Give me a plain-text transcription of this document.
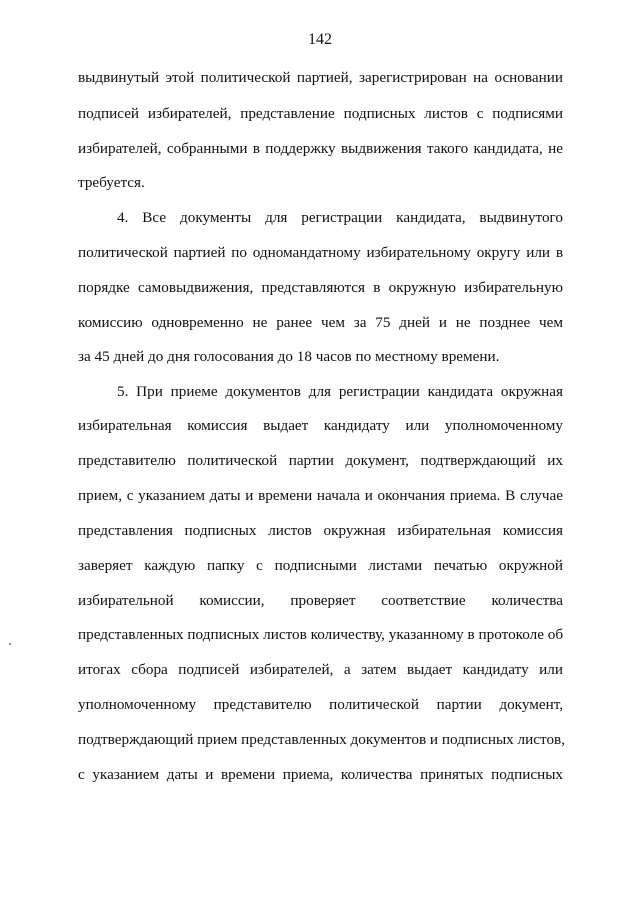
142
выдвинутый этой политической партией, зарегистрирован на основании
подписей избирателей, представление подписных листов с подписями
избирателей, собранными в поддержку выдвижения такого кандидата, не
требуется.
4. Все документы для регистрации кандидата, выдвинутого
политической партией по одномандатному избирательному округу или в
порядке самовыдвижения, представляются в окружную избирательную
комиссию одновременно не ранее чем за 75 дней и не позднее чем
за 45 дней до дня голосования до 18 часов по местному времени.
5. При приеме документов для регистрации кандидата окружная
избирательная комиссия выдает кандидату или уполномоченному
представителю политической партии документ, подтверждающий их
прием, с указанием даты и времени начала и окончания приема. В случае
представления подписных листов окружная избирательная комиссия
заверяет каждую папку с подписными листами печатью окружной
избирательной комиссии, проверяет соответствие количества
представленных подписных листов количеству, указанному в протоколе об
итогах сбора подписей избирателей, а затем выдает кандидату или
уполномоченному представителю политической партии документ,
подтверждающий прием представленных документов и подписных листов,
с указанием даты и времени приема, количества принятых подписных
